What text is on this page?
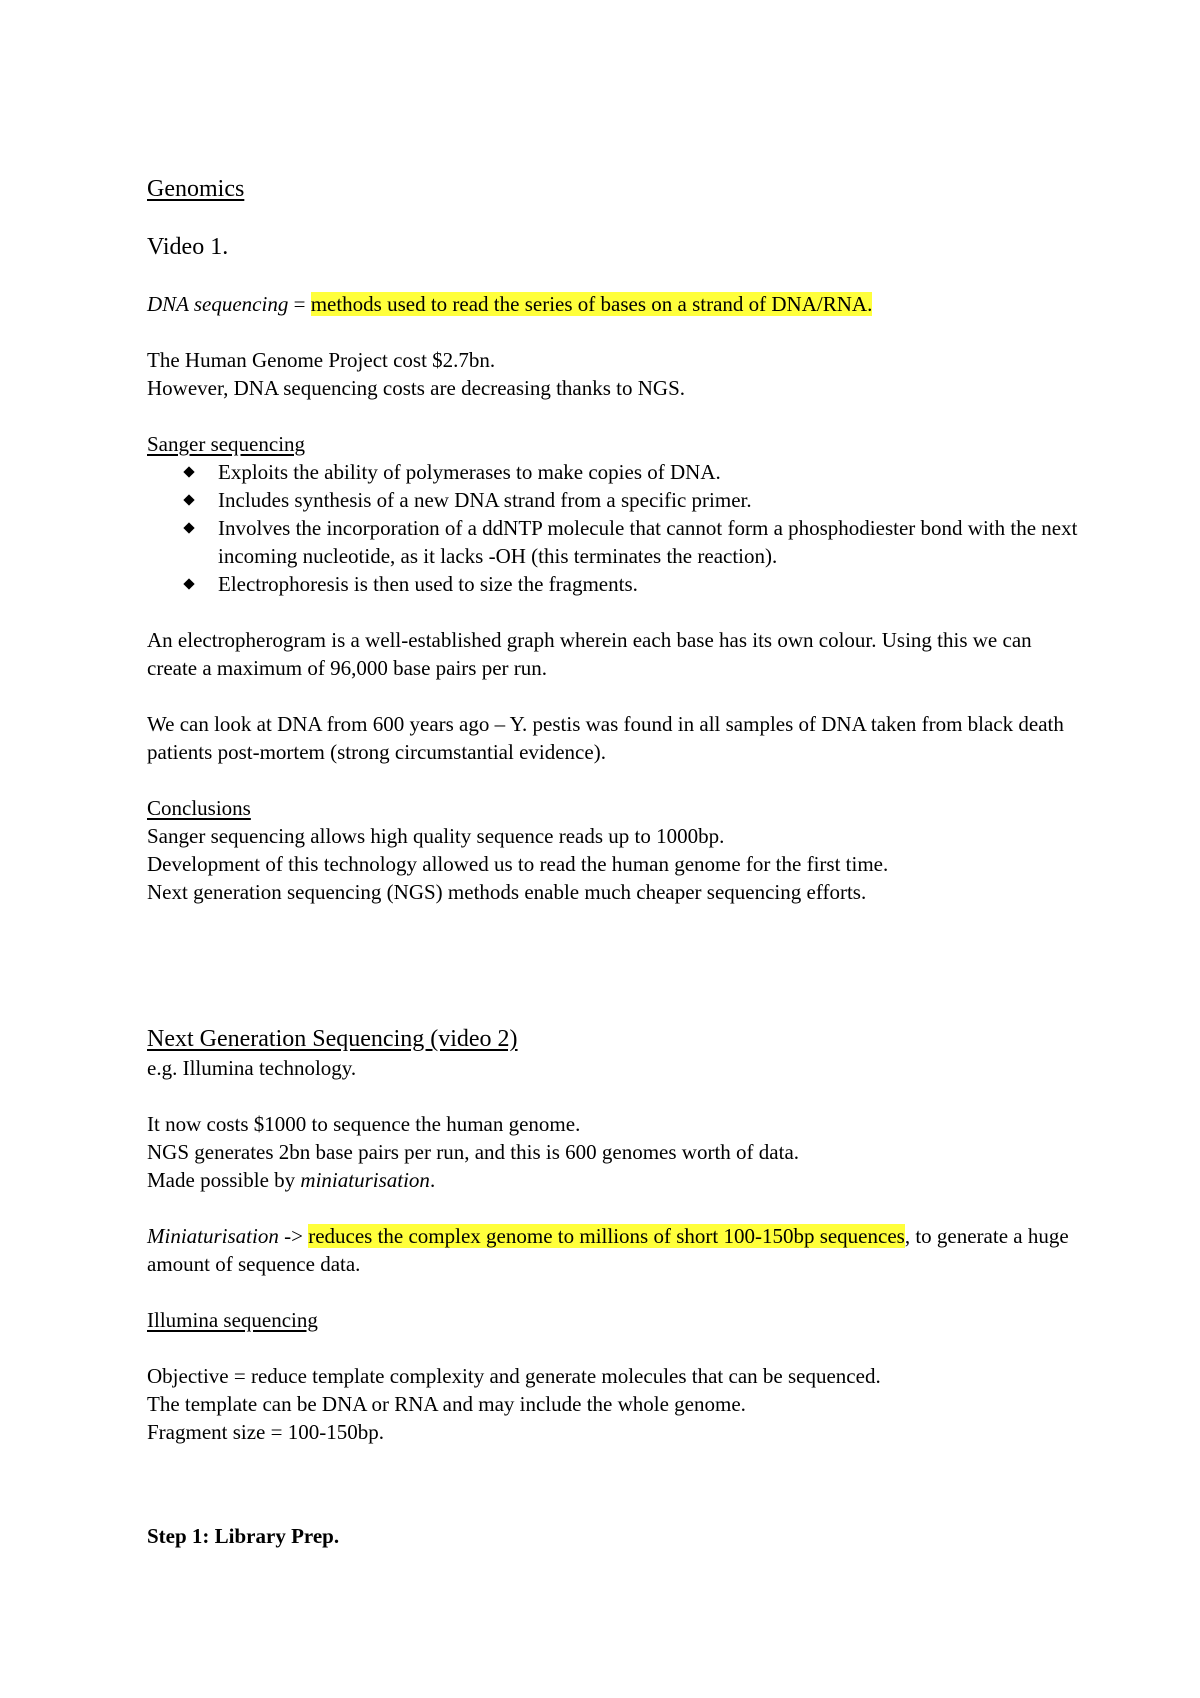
Genomics

Video 1.

DNA sequencing = methods used to read the series of bases on a strand of DNA/RNA.

The Human Genome Project cost $2.7bn.

However, DNA sequencing costs are decreasing thanks to NGS.

Sanger sequencing

Exploits the ability of polymerases to make copies of DNA.
Includes synthesis of a new DNA strand from a specific primer.
Involves the incorporation of a ddNTP molecule that cannot form a phosphodiester bond with the next incoming nucleotide, as it lacks -OH (this terminates the reaction).
Electrophoresis is then used to size the fragments.

An electropherogram is a well-established graph wherein each base has its own colour. Using this we can create a maximum of 96,000 base pairs per run.

We can look at DNA from 600 years ago – Y. pestis was found in all samples of DNA taken from black death patients post-mortem (strong circumstantial evidence).

Conclusions

Sanger sequencing allows high quality sequence reads up to 1000bp.

Development of this technology allowed us to read the human genome for the first time.

Next generation sequencing (NGS) methods enable much cheaper sequencing efforts.

Next Generation Sequencing (video 2)

e.g. Illumina technology.

It now costs $1000 to sequence the human genome.

NGS generates 2bn base pairs per run, and this is 600 genomes worth of data.

Made possible by miniaturisation.

Miniaturisation -> reduces the complex genome to millions of short 100-150bp sequences, to generate a huge amount of sequence data.

Illumina sequencing

Objective = reduce template complexity and generate molecules that can be sequenced.

The template can be DNA or RNA and may include the whole genome.

Fragment size = 100-150bp.

Step 1: Library Prep.
